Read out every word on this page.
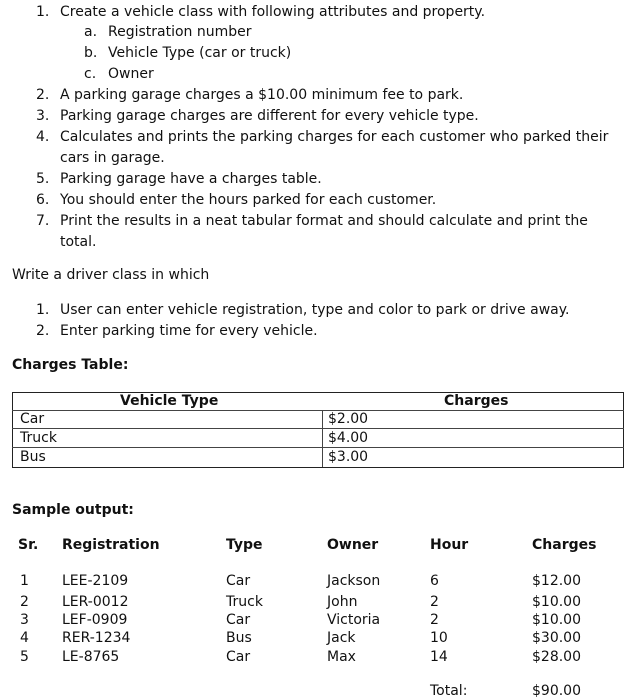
1. Create a vehicle class with following attributes and property.
a. Registration number
b. Vehicle Type (car or truck)
c. Owner
2. A parking garage charges a $10.00 minimum fee to park.
3. Parking garage charges are different for every vehicle type.
4. Calculates and prints the parking charges for each customer who parked their
cars in garage.
5. Parking garage have a charges table.
6. You should enter the hours parked for each customer.
7. Print the results in a neat tabular format and should calculate and print the
total.
Write a driver class in which
1. User can enter vehicle registration, type and color to park or drive away.
2. Enter parking time for every vehicle.
Charges Table:
Vehicle Type	Charges
Car	$2.00
Truck	$4.00
Bus	$3.00
Sample output:
Sr. Registration	Type	Owner	Hour	Charges
1 LEE-2109	Car	Jackson	6	$12.00
2 LER-0012	Truck	John	2	$10.00
3 LEF-0909	Car	Victoria	2	$10.00
4 RER-1234	Bus	Jack	10	$30.00
5 LE-8765	Car	Max	14	$28.00
Total:	$90.00
